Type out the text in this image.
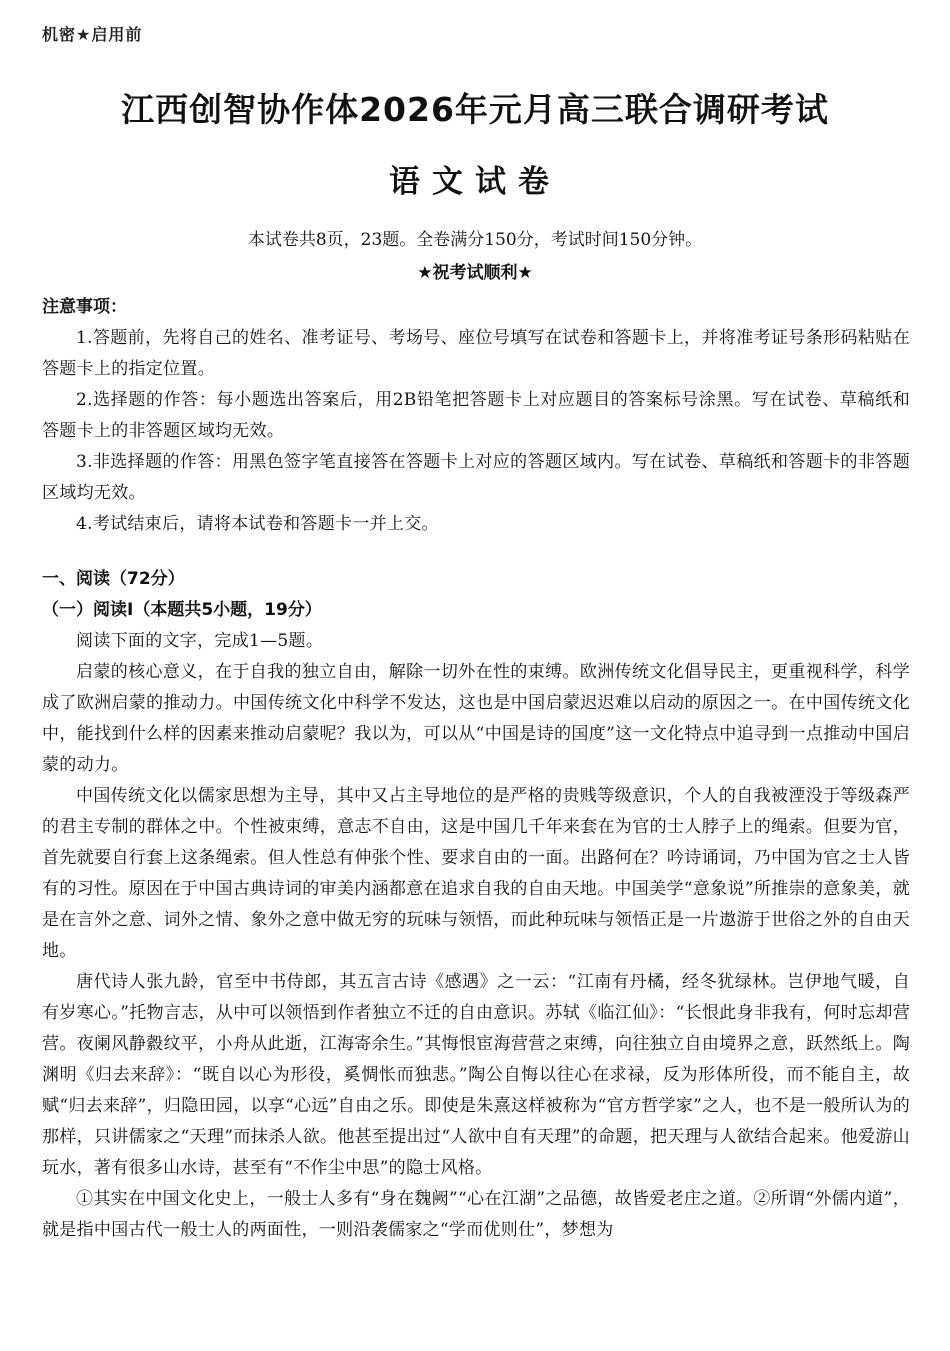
机密★启用前
江西创智协作体2026年元月高三联合调研考试
语文试卷
本试卷共8页，23题。全卷满分150分，考试时间150分钟。
★祝考试顺利★

注意事项：

1.答题前，先将自己的姓名、准考证号、考场号、座位号填写在试卷和答题卡上，并将准考证号条形码粘贴在答题卡上的指定位置。

2.选择题的作答：每小题选出答案后，用2B铅笔把答题卡上对应题目的答案标号涂黑。写在试卷、草稿纸和答题卡上的非答题区域均无效。

3.非选择题的作答：用黑色签字笔直接答在答题卡上对应的答题区域内。写在试卷、草稿纸和答题卡的非答题区域均无效。

4.考试结束后，请将本试卷和答题卡一并上交。

一、阅读（72分）

（一）阅读Ⅰ（本题共5小题，19分）

阅读下面的文字，完成1—5题。

启蒙的核心意义，在于自我的独立自由，解除一切外在性的束缚。欧洲传统文化倡导民主，更重视科学，科学成了欧洲启蒙的推动力。中国传统文化中科学不发达，这也是中国启蒙迟迟难以启动的原因之一。在中国传统文化中，能找到什么样的因素来推动启蒙呢？我以为，可以从“中国是诗的国度”这一文化特点中追寻到一点推动中国启蒙的动力。

中国传统文化以儒家思想为主导，其中又占主导地位的是严格的贵贱等级意识，个人的自我被湮没于等级森严的君主专制的群体之中。个性被束缚，意志不自由，这是中国几千年来套在为官的士人脖子上的绳索。但要为官，首先就要自行套上这条绳索。但人性总有伸张个性、要求自由的一面。出路何在？吟诗诵词，乃中国为官之士人皆有的习性。原因在于中国古典诗词的审美内涵都意在追求自我的自由天地。中国美学“意象说”所推崇的意象美，就是在言外之意、词外之情、象外之意中做无穷的玩味与领悟，而此种玩味与领悟正是一片遨游于世俗之外的自由天地。

唐代诗人张九龄，官至中书侍郎，其五言古诗《感遇》之一云：“江南有丹橘，经冬犹绿林。岂伊地气暖，自有岁寒心。”托物言志，从中可以领悟到作者独立不迁的自由意识。苏轼《临江仙》：“长恨此身非我有，何时忘却营营。夜阑风静縠纹平，小舟从此逝，江海寄余生。”其悔恨宦海营营之束缚，向往独立自由境界之意，跃然纸上。陶渊明《归去来辞》：“既自以心为形役，奚惆怅而独悲。”陶公自悔以往心在求禄，反为形体所役，而不能自主，故赋“归去来辞”，归隐田园，以享“心远”自由之乐。即使是朱熹这样被称为“官方哲学家”之人，也不是一般所认为的那样，只讲儒家之“天理”而抹杀人欲。他甚至提出过“人欲中自有天理”的命题，把天理与人欲结合起来。他爱游山玩水，著有很多山水诗，甚至有“不作尘中思”的隐士风格。

①其实在中国文化史上，一般士人多有“身在魏阙”“心在江湖”之品德，故皆爱老庄之道。②所谓“外儒内道”，就是指中国古代一般士人的两面性，一则沿袭儒家之“学而优则仕”，梦想为
